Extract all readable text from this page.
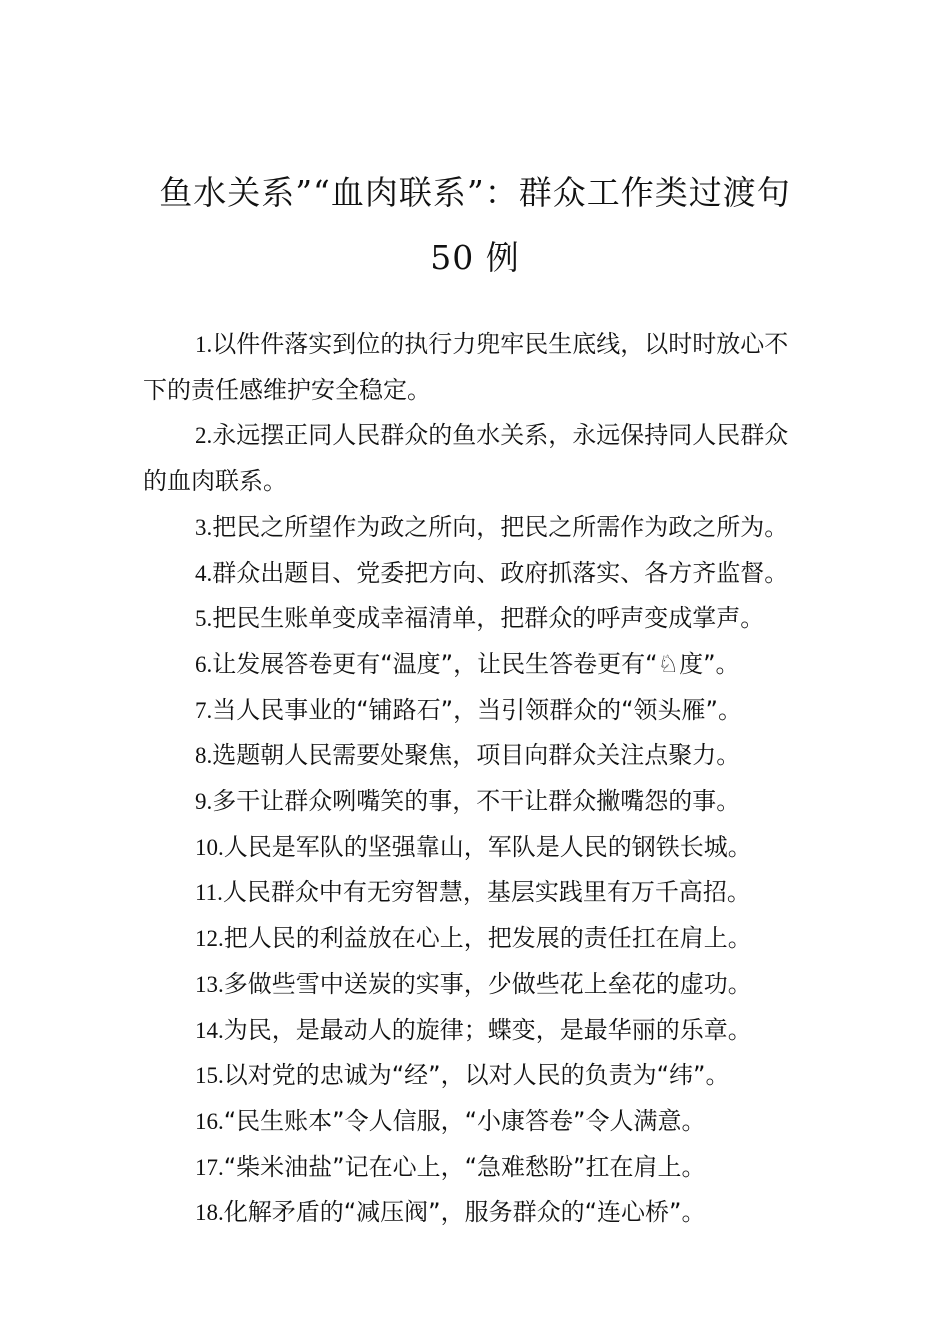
鱼水关系”“血肉联系”：群众工作类过渡句
50 例
1.以件件落实到位的执行力兜牢民生底线，以时时放心不下的责任感维护安全稳定。
2.永远摆正同人民群众的鱼水关系，永远保持同人民群众的血肉联系。
3.把民之所望作为政之所向，把民之所需作为政之所为。
4.群众出题目、党委把方向、政府抓落实、各方齐监督。
5.把民生账单变成幸福清单，把群众的呼声变成掌声。
6.让发展答卷更有“温度”，让民生答卷更有“♘度”。
7.当人民事业的“铺路石”，当引领群众的“领头雁”。
8.选题朝人民需要处聚焦，项目向群众关注点聚力。
9.多干让群众咧嘴笑的事，不干让群众撇嘴怨的事。
10.人民是军队的坚强靠山，军队是人民的钢铁长城。
11.人民群众中有无穷智慧，基层实践里有万千高招。
12.把人民的利益放在心上，把发展的责任扛在肩上。
13.多做些雪中送炭的实事，少做些花上垒花的虚功。
14.为民，是最动人的旋律；蝶变，是最华丽的乐章。
15.以对党的忠诚为“经”，以对人民的负责为“纬”。
16.“民生账本”令人信服，“小康答卷”令人满意。
17.“柴米油盐”记在心上，“急难愁盼”扛在肩上。
18.化解矛盾的“减压阀”，服务群众的“连心桥”。
